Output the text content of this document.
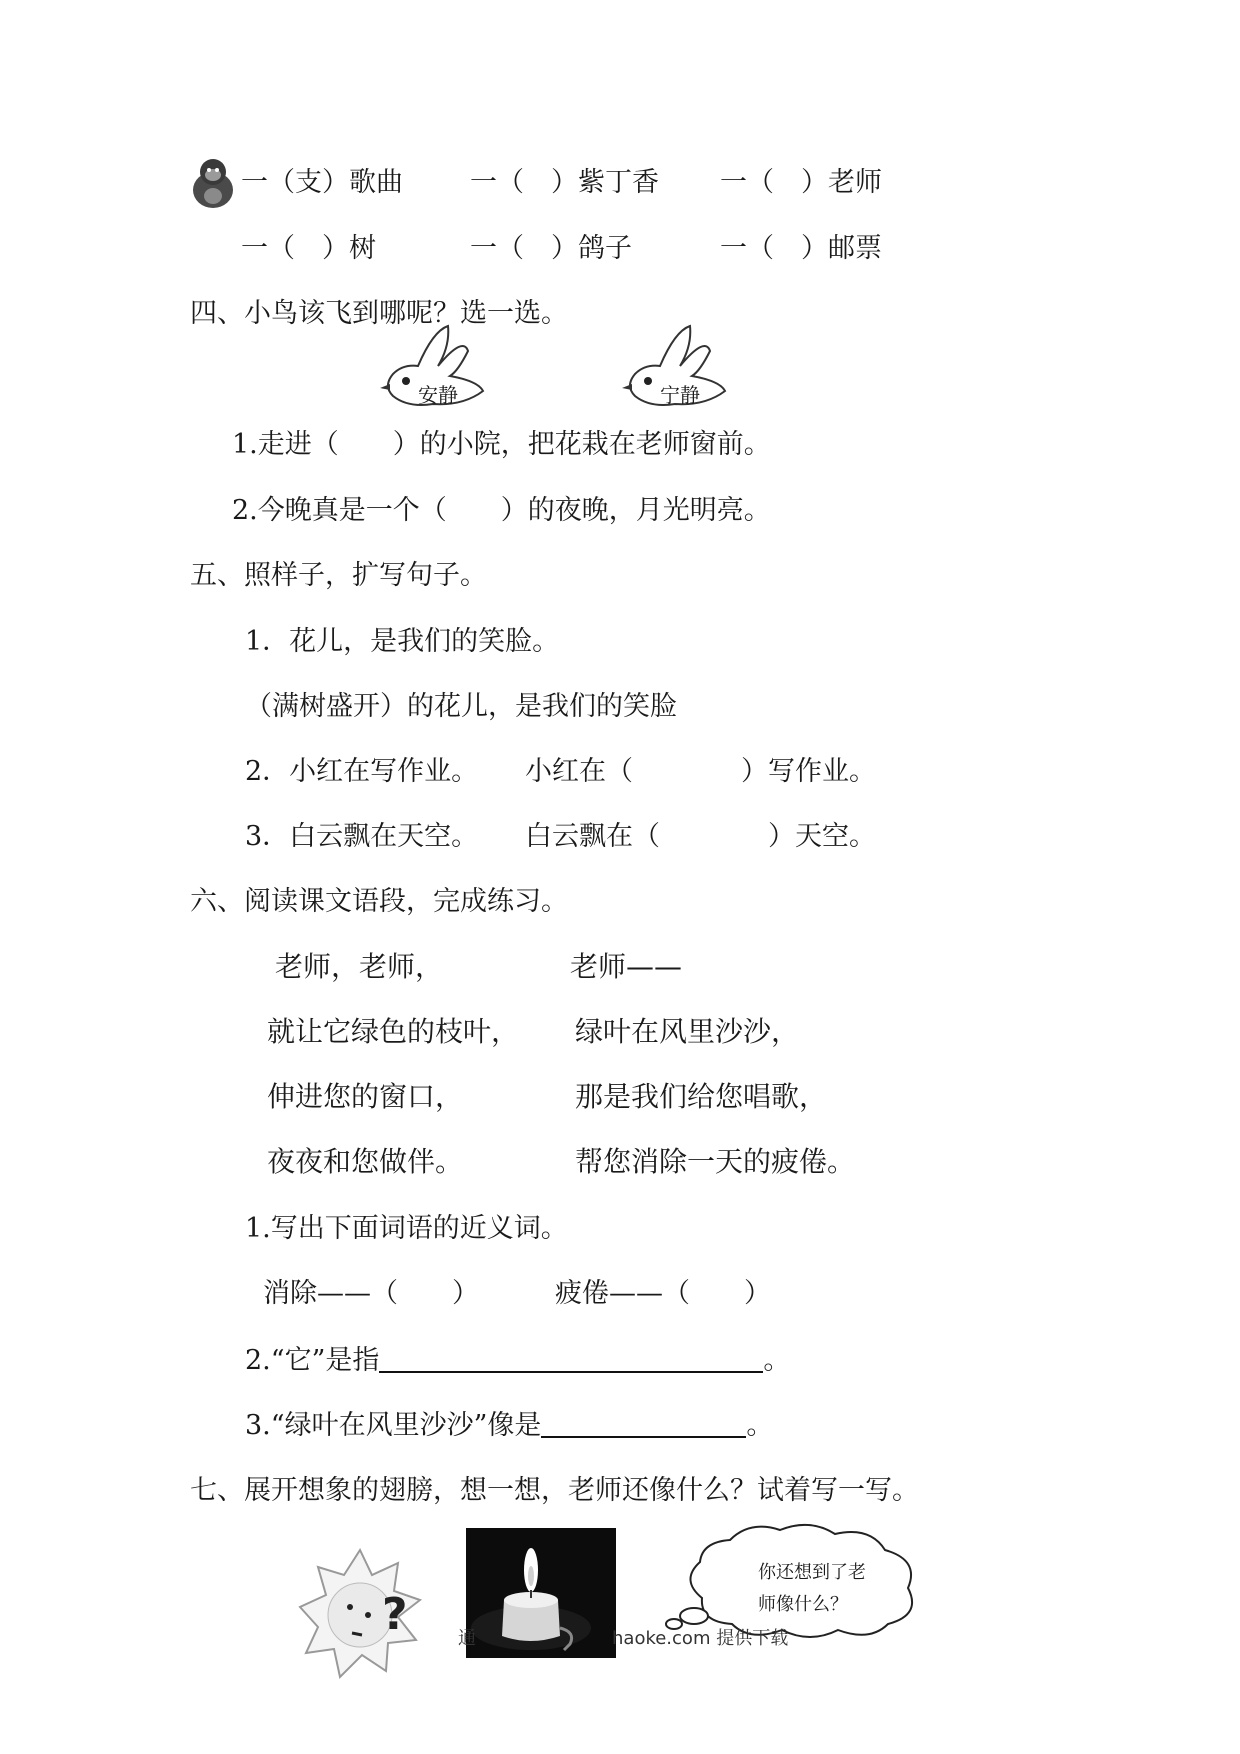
一（支）歌曲 一（　）紫丁香 一（　）老师
一（　）树	一（　）鸽子	一（　）邮票
四、小鸟该飞到哪呢？选一选。
安静	宁静
1.走进（　　）的小院，把花栽在老师窗前。
2.今晚真是一个（　　）的夜晚，月光明亮。
五、照样子，扩写句子。
1．花儿，是我们的笑脸。
（满树盛开）的花儿，是我们的笑脸
2．小红在写作业。 小红在（　　　　）写作业。
3．白云飘在天空。 白云飘在（　　　　）天空。
六、阅读课文语段，完成练习。
老师，老师，
就让它绿色的枝叶，
伸进您的窗口，
夜夜和您做伴。
老师——
绿叶在风里沙沙，
那是我们给您唱歌，
帮您消除一天的疲倦。
1.写出下面词语的近义词。
消除——（　　）	疲倦——（　　）
2.“它”是指	。
3.“绿叶在风里沙沙”像是	。
七、展开想象的翅膀，想一想，老师还像什么？试着写一写。
?
你还想到了老
师像什么？
通	haoke.com 提供下载
